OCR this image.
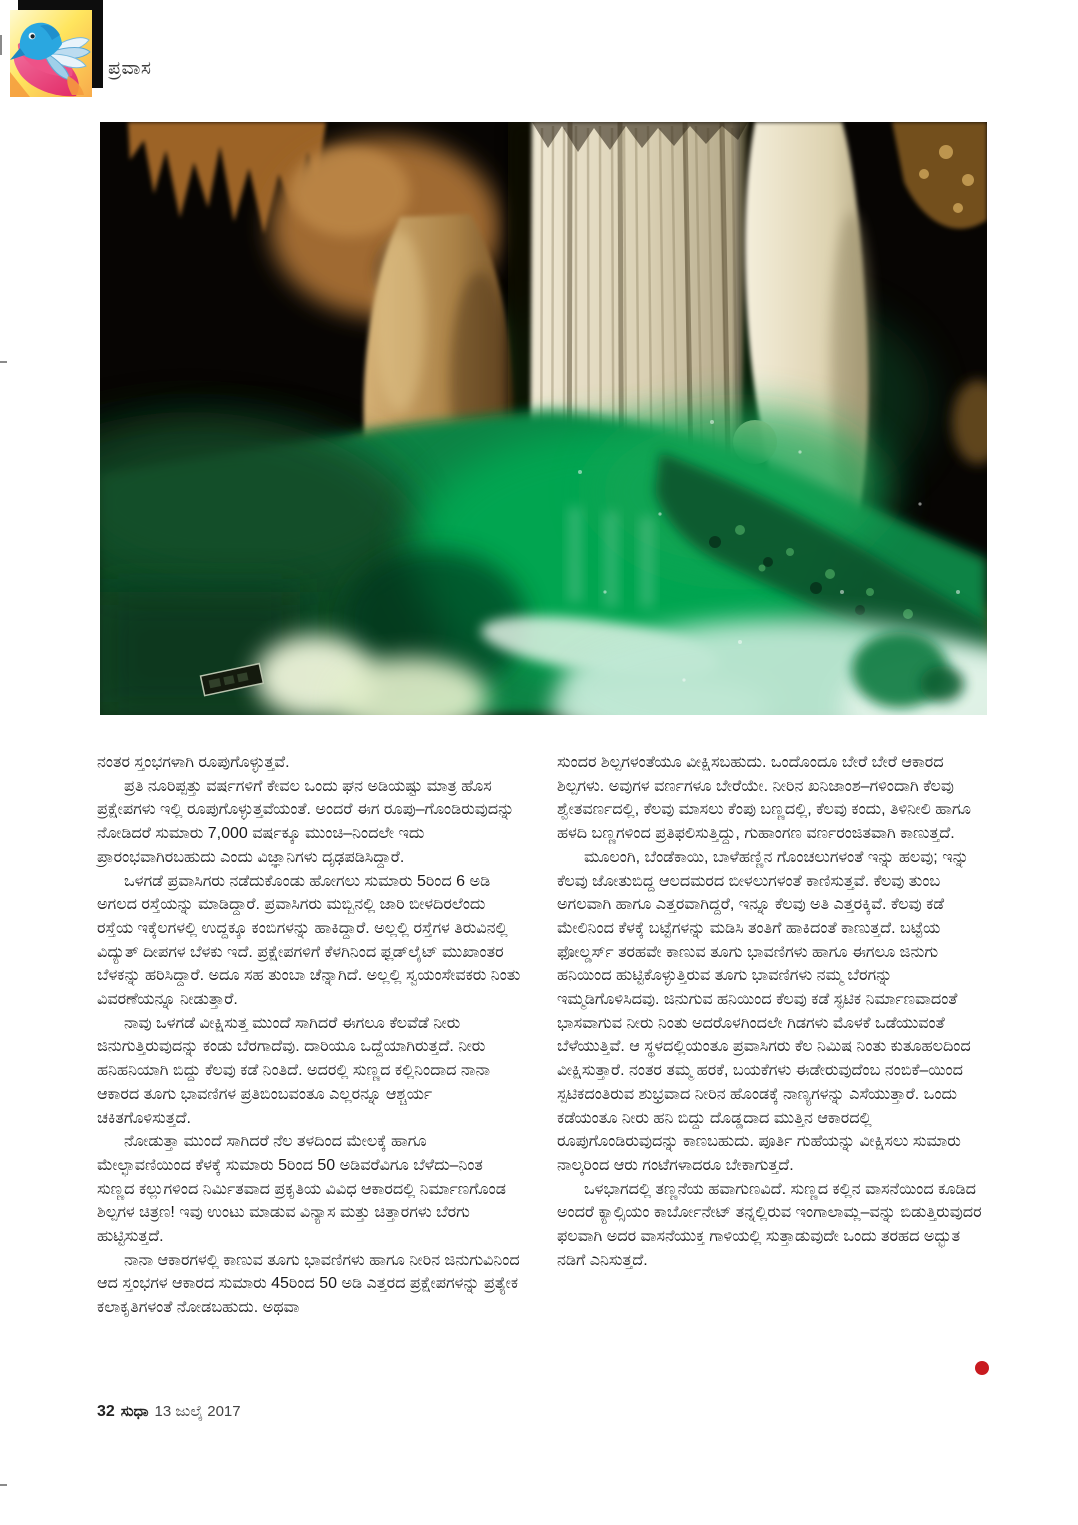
ಪ್ರವಾಸ

ನಂತರ ಸ್ತಂಭಗಳಾಗಿ ರೂಪುಗೊಳ್ಳುತ್ತವೆ.

ಪ್ರತಿ ನೂರಿಪ್ಪತ್ತು ವರ್ಷಗಳಿಗೆ ಕೇವಲ ಒಂದು ಘನ ಅಡಿಯಷ್ಟು ಮಾತ್ರ ಹೊಸ ಪ್ರಕ್ಷೇಪಗಳು ಇಲ್ಲಿ ರೂಪುಗೊಳ್ಳುತ್ತವೆಯಂತೆ. ಅಂದರೆ ಈಗ ರೂಪು–ಗೊಂಡಿರುವುದನ್ನು ನೋಡಿದರೆ ಸುಮಾರು 7,000 ವರ್ಷಕ್ಕೂ ಮುಂಚಿ–ನಿಂದಲೇ ಇದು ಪ್ರಾರಂಭವಾಗಿರಬಹುದು ಎಂದು ವಿಜ್ಞಾನಿಗಳು ದೃಢಪಡಿಸಿದ್ದಾರೆ.

ಒಳಗಡೆ ಪ್ರವಾಸಿಗರು ನಡೆದುಕೊಂಡು ಹೋಗಲು ಸುಮಾರು 5ರಿಂದ 6 ಅಡಿ ಅಗಲದ ರಸ್ತೆಯನ್ನು ಮಾಡಿದ್ದಾರೆ. ಪ್ರವಾಸಿಗರು ಮಬ್ಬಿನಲ್ಲಿ ಜಾರಿ ಬೀಳದಿರಲೆಂದು ರಸ್ತೆಯ ಇಕ್ಕೆಲಗಳಲ್ಲಿ ಉದ್ದಕ್ಕೂ ಕಂಬಿಗಳನ್ನು ಹಾಕಿದ್ದಾರೆ. ಅಲ್ಲಲ್ಲಿ ರಸ್ತೆಗಳ ತಿರುವಿನಲ್ಲಿ ವಿದ್ಯುತ್ ದೀಪಗಳ ಬೆಳಕು ಇದೆ. ಪ್ರಕ್ಷೇಪಗಳಿಗೆ ಕೆಳಗಿನಿಂದ ಫ್ಲಡ್‌ಲೈಟ್ ಮುಖಾಂತರ ಬೆಳಕನ್ನು ಹರಿಸಿದ್ದಾರೆ. ಅದೂ ಸಹ ತುಂಬಾ ಚೆನ್ನಾಗಿದೆ. ಅಲ್ಲಲ್ಲಿ ಸ್ವಯಂಸೇವಕರು ನಿಂತು ವಿವರಣೆಯನ್ನೂ ನೀಡುತ್ತಾರೆ.

ನಾವು ಒಳಗಡೆ ವೀಕ್ಷಿಸುತ್ತ ಮುಂದೆ ಸಾಗಿದರೆ ಈಗಲೂ ಕೆಲವೆಡೆ ನೀರು ಜಿನುಗುತ್ತಿರುವುದನ್ನು ಕಂಡು ಬೆರಗಾದೆವು. ದಾರಿಯೂ ಒದ್ದೆಯಾಗಿರುತ್ತದೆ. ನೀರು ಹನಿಹನಿಯಾಗಿ ಬಿದ್ದು ಕೆಲವು ಕಡೆ ನಿಂತಿದೆ. ಅದರಲ್ಲಿ ಸುಣ್ಣದ ಕಲ್ಲಿನಿಂದಾದ ನಾನಾ ಆಕಾರದ ತೂಗು ಭಾವಣಿಗಳ ಪ್ರತಿಬಿಂಬವಂತೂ ಎಲ್ಲರನ್ನೂ ಆಶ್ಚರ್ಯ ಚಕಿತಗೊಳಿಸುತ್ತದೆ.

ನೋಡುತ್ತಾ ಮುಂದೆ ಸಾಗಿದರೆ ನೆಲ ತಳದಿಂದ ಮೇಲಕ್ಕೆ ಹಾಗೂ ಮೇಲ್ಛಾವಣಿಯಿಂದ ಕೆಳಕ್ಕೆ ಸುಮಾರು 5ರಿಂದ 50 ಅಡಿವರೆವಿಗೂ ಬೆಳೆದು–ನಿಂತ ಸುಣ್ಣದ ಕಲ್ಲುಗಳಿಂದ ನಿರ್ಮಿತವಾದ ಪ್ರಕೃತಿಯ ವಿವಿಧ ಆಕಾರದಲ್ಲಿ ನಿರ್ಮಾಣಗೊಂಡ ಶಿಲ್ಪಗಳ ಚಿತ್ರಣ! ಇವು ಉಂಟು ಮಾಡುವ ವಿನ್ಯಾಸ ಮತ್ತು ಚಿತ್ತಾರಗಳು ಬೆರಗು ಹುಟ್ಟಿಸುತ್ತದೆ.

ನಾನಾ ಆಕಾರಗಳಲ್ಲಿ ಕಾಣುವ ತೂಗು ಭಾವಣಿಗಳು ಹಾಗೂ ನೀರಿನ ಜಿನುಗುವಿನಿಂದ ಆದ ಸ್ತಂಭಗಳ ಆಕಾರದ ಸುಮಾರು 45ರಿಂದ 50 ಅಡಿ ಎತ್ತರದ ಪ್ರಕ್ಷೇಪಗಳನ್ನು ಪ್ರತ್ಯೇಕ ಕಲಾಕೃತಿಗಳಂತೆ ನೋಡಬಹುದು. ಅಥವಾ

ಸುಂದರ ಶಿಲ್ಪಗಳಂತೆಯೂ ವೀಕ್ಷಿಸಬಹುದು. ಒಂದೊಂದೂ ಬೇರೆ ಬೇರೆ ಆಕಾರದ ಶಿಲ್ಪಗಳು. ಅವುಗಳ ವರ್ಣಗಳೂ ಬೇರೆಯೇ. ನೀರಿನ ಖನಿಜಾಂಶ–ಗಳಿಂದಾಗಿ ಕೆಲವು ಶ್ವೇತವರ್ಣದಲ್ಲಿ, ಕೆಲವು ಮಾಸಲು ಕೆಂಪು ಬಣ್ಣದಲ್ಲಿ, ಕೆಲವು ಕಂದು, ತಿಳಿನೀಲಿ ಹಾಗೂ ಹಳದಿ ಬಣ್ಣಗಳಿಂದ ಪ್ರತಿಫಲಿಸುತ್ತಿದ್ದು, ಗುಹಾಂಗಣ ವರ್ಣರಂಜಿತವಾಗಿ ಕಾಣುತ್ತದೆ.

ಮೂಲಂಗಿ, ಬೆಂಡೆಕಾಯಿ, ಬಾಳೆಹಣ್ಣಿನ ಗೊಂಚಲುಗಳಂತೆ ಇನ್ನು ಹಲವು; ಇನ್ನು ಕೆಲವು ಜೋತುಬಿದ್ದ ಆಲದಮರದ ಬೀಳಲುಗಳಂತೆ ಕಾಣಿಸುತ್ತವೆ. ಕೆಲವು ತುಂಬ ಅಗಲವಾಗಿ ಹಾಗೂ ಎತ್ತರವಾಗಿದ್ದರೆ, ಇನ್ನೂ ಕೆಲವು ಅತಿ ಎತ್ತರಕ್ಕಿವೆ. ಕೆಲವು ಕಡೆ ಮೇಲಿನಿಂದ ಕೆಳಕ್ಕೆ ಬಟ್ಟೆಗಳನ್ನು ಮಡಿಸಿ ತಂತಿಗೆ ಹಾಕಿದಂತೆ ಕಾಣುತ್ತದೆ. ಬಟ್ಟೆಯ ಫೋಲ್ಡರ್ಸ್ ತರಹವೇ ಕಾಣುವ ತೂಗು ಭಾವಣಿಗಳು ಹಾಗೂ ಈಗಲೂ ಜಿನುಗು ಹನಿಯಿಂದ ಹುಟ್ಟಿಕೊಳ್ಳುತ್ತಿರುವ ತೂಗು ಭಾವಣಿಗಳು ನಮ್ಮ ಬೆರಗನ್ನು ಇಮ್ಮಡಿಗೊಳಿಸಿದವು. ಜಿನುಗುವ ಹನಿಯಿಂದ ಕೆಲವು ಕಡೆ ಸ್ಫಟಿಕ ನಿರ್ಮಾಣವಾದಂತೆ ಭಾಸವಾಗುವ ನೀರು ನಿಂತು ಅದರೊಳಗಿಂದಲೇ ಗಿಡಗಳು ಮೊಳಕೆ ಒಡೆಯುವಂತೆ ಬೆಳೆಯುತ್ತಿವೆ. ಆ ಸ್ಥಳದಲ್ಲಿಯಂತೂ ಪ್ರವಾಸಿಗರು ಕೆಲ ನಿಮಿಷ ನಿಂತು ಕುತೂಹಲದಿಂದ ವೀಕ್ಷಿಸುತ್ತಾರೆ. ನಂತರ ತಮ್ಮ ಹರಕೆ, ಬಯಕೆಗಳು ಈಡೇರುವುದೆಂಬ ನಂಬಿಕೆ–ಯಿಂದ ಸ್ಪಟಿಕದಂತಿರುವ ಶುಭ್ರವಾದ ನೀರಿನ ಹೊಂಡಕ್ಕೆ ನಾಣ್ಯಗಳನ್ನು ಎಸೆಯುತ್ತಾರೆ. ಒಂದು ಕಡೆಯಂತೂ ನೀರು ಹನಿ ಬಿದ್ದು ದೊಡ್ಡದಾದ ಮುತ್ತಿನ ಆಕಾರದಲ್ಲಿ ರೂಪುಗೊಂಡಿರುವುದನ್ನು ಕಾಣಬಹುದು. ಪೂರ್ತಿ ಗುಹೆಯನ್ನು ವೀಕ್ಷಿಸಲು ಸುಮಾರು ನಾಲ್ಕರಿಂದ ಆರು ಗಂಟೆಗಳಾದರೂ ಬೇಕಾಗುತ್ತದೆ.

ಒಳಭಾಗದಲ್ಲಿ ತಣ್ಣನೆಯ ಹವಾಗುಣವಿದೆ. ಸುಣ್ಣದ ಕಲ್ಲಿನ ವಾಸನೆಯಿಂದ ಕೂಡಿದ ಅಂದರೆ ಕ್ಯಾಲ್ಸಿಯಂ ಕಾರ್ಬೋನೇಟ್ ತನ್ನಲ್ಲಿರುವ ಇಂಗಾಲಾಮ್ಲ–ವನ್ನು ಬಿಡುತ್ತಿರುವುದರ ಫಲವಾಗಿ ಅದರ ವಾಸನೆಯುಕ್ತ ಗಾಳಿಯಲ್ಲಿ ಸುತ್ತಾಡುವುದೇ ಒಂದು ತರಹದ ಅದ್ಭುತ ನಡಿಗೆ ಎನಿಸುತ್ತದೆ.

32 ಸುಧಾ 13 ಜುಲೈ 2017
